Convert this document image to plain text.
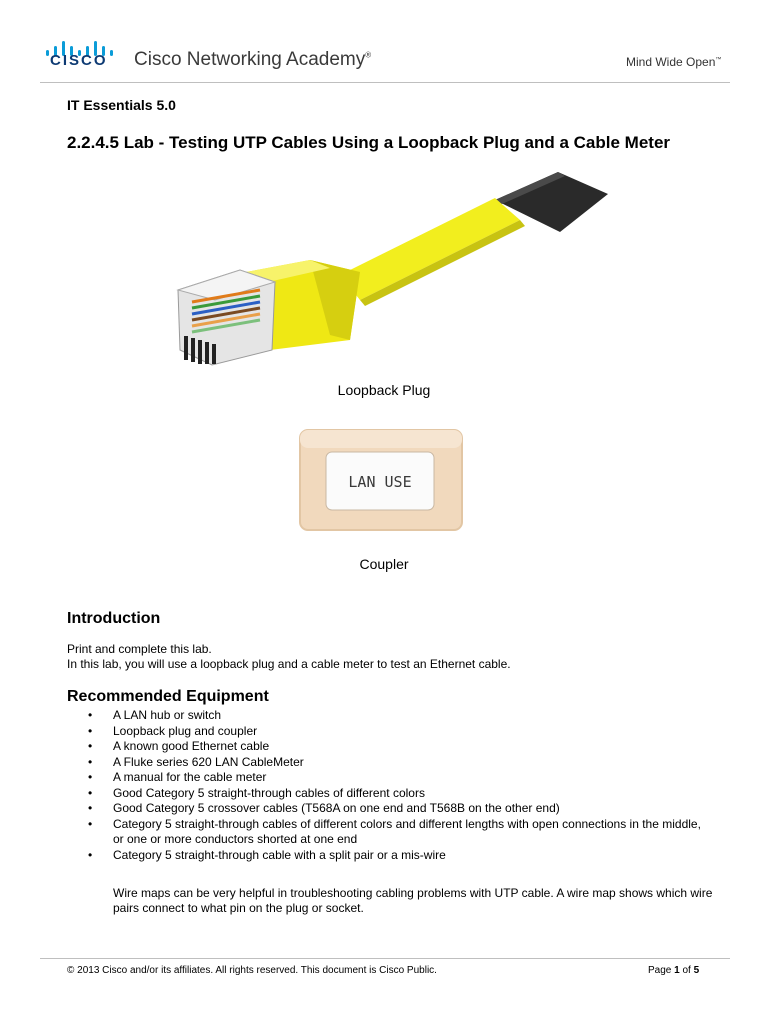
CISCO Cisco Networking Academy®	Mind Wide Open™
IT Essentials 5.0
2.2.4.5 Lab - Testing UTP Cables Using a Loopback Plug and a Cable Meter
Loopback Plug
LAN USE
Coupler
Introduction
Print and complete this lab.
In this lab, you will use a loopback plug and a cable meter to test an Ethernet cable.
Recommended Equipment
• A LAN hub or switch
• Loopback plug and coupler
• A known good Ethernet cable
• A Fluke series 620 LAN CableMeter
• A manual for the cable meter
• Good Category 5 straight-through cables of different colors
• Good Category 5 crossover cables (T568A on one end and T568B on the other end)
• Category 5 straight-through cables of different colors and different lengths with open connections in the middle, or one or more conductors shorted at one end
• Category 5 straight-through cable with a split pair or a mis-wire
Wire maps can be very helpful in troubleshooting cabling problems with UTP cable. A wire map shows which wire pairs connect to what pin on the plug or socket.
© 2013 Cisco and/or its affiliates. All rights reserved. This document is Cisco Public.	Page 1 of 5
